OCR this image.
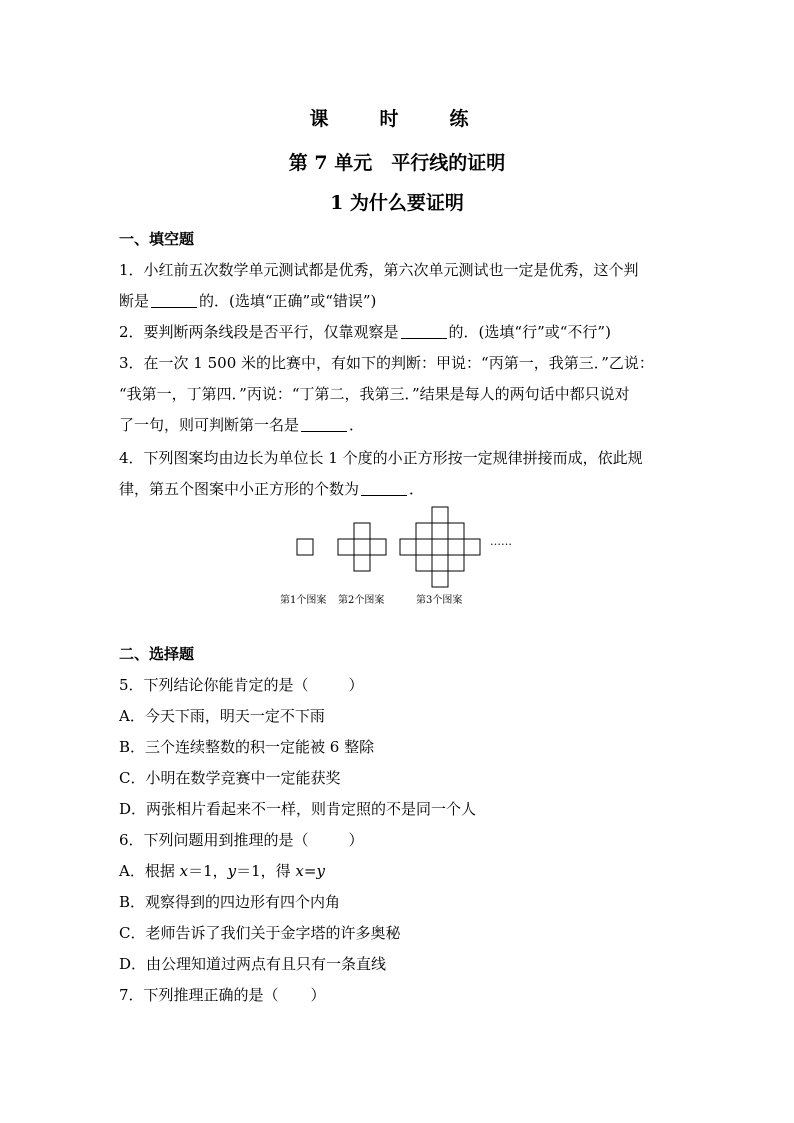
课　时　练
第 7 单元　平行线的证明
1 为什么要证明
一、填空题
1．小红前五次数学单元测试都是优秀，第六次单元测试也一定是优秀，这个判
断是	的．(选填“正确”或“错误”)
2．要判断两条线段是否平行，仅靠观察是	的．(选填“行”或“不行”)
3．在一次 1 500 米的比赛中，有如下的判断：甲说：“丙第一，我第三．”乙说：
“我第一，丁第四．”丙说：“丁第二，我第三．”结果是每人的两句话中都只说对
了一句，则可判断第一名是	．
4．下列图案均由边长为单位长 1 个度的小正方形按一定规律拼接而成，依此规
律，第五个图案中小正方形的个数为	．
……
第1个图案 第2个图案	第3个图案
二、选择题
5．下列结论你能肯定的是（	）
A．今天下雨，明天一定不下雨
B．三个连续整数的积一定能被 6 整除
C．小明在数学竞赛中一定能获奖
D．两张相片看起来不一样，则肯定照的不是同一个人
6．下列问题用到推理的是（	）
A．根据 x＝1，y＝1，得 x=y
B．观察得到的四边形有四个内角
C．老师告诉了我们关于金字塔的许多奥秘
D．由公理知道过两点有且只有一条直线
7．下列推理正确的是（ ）
